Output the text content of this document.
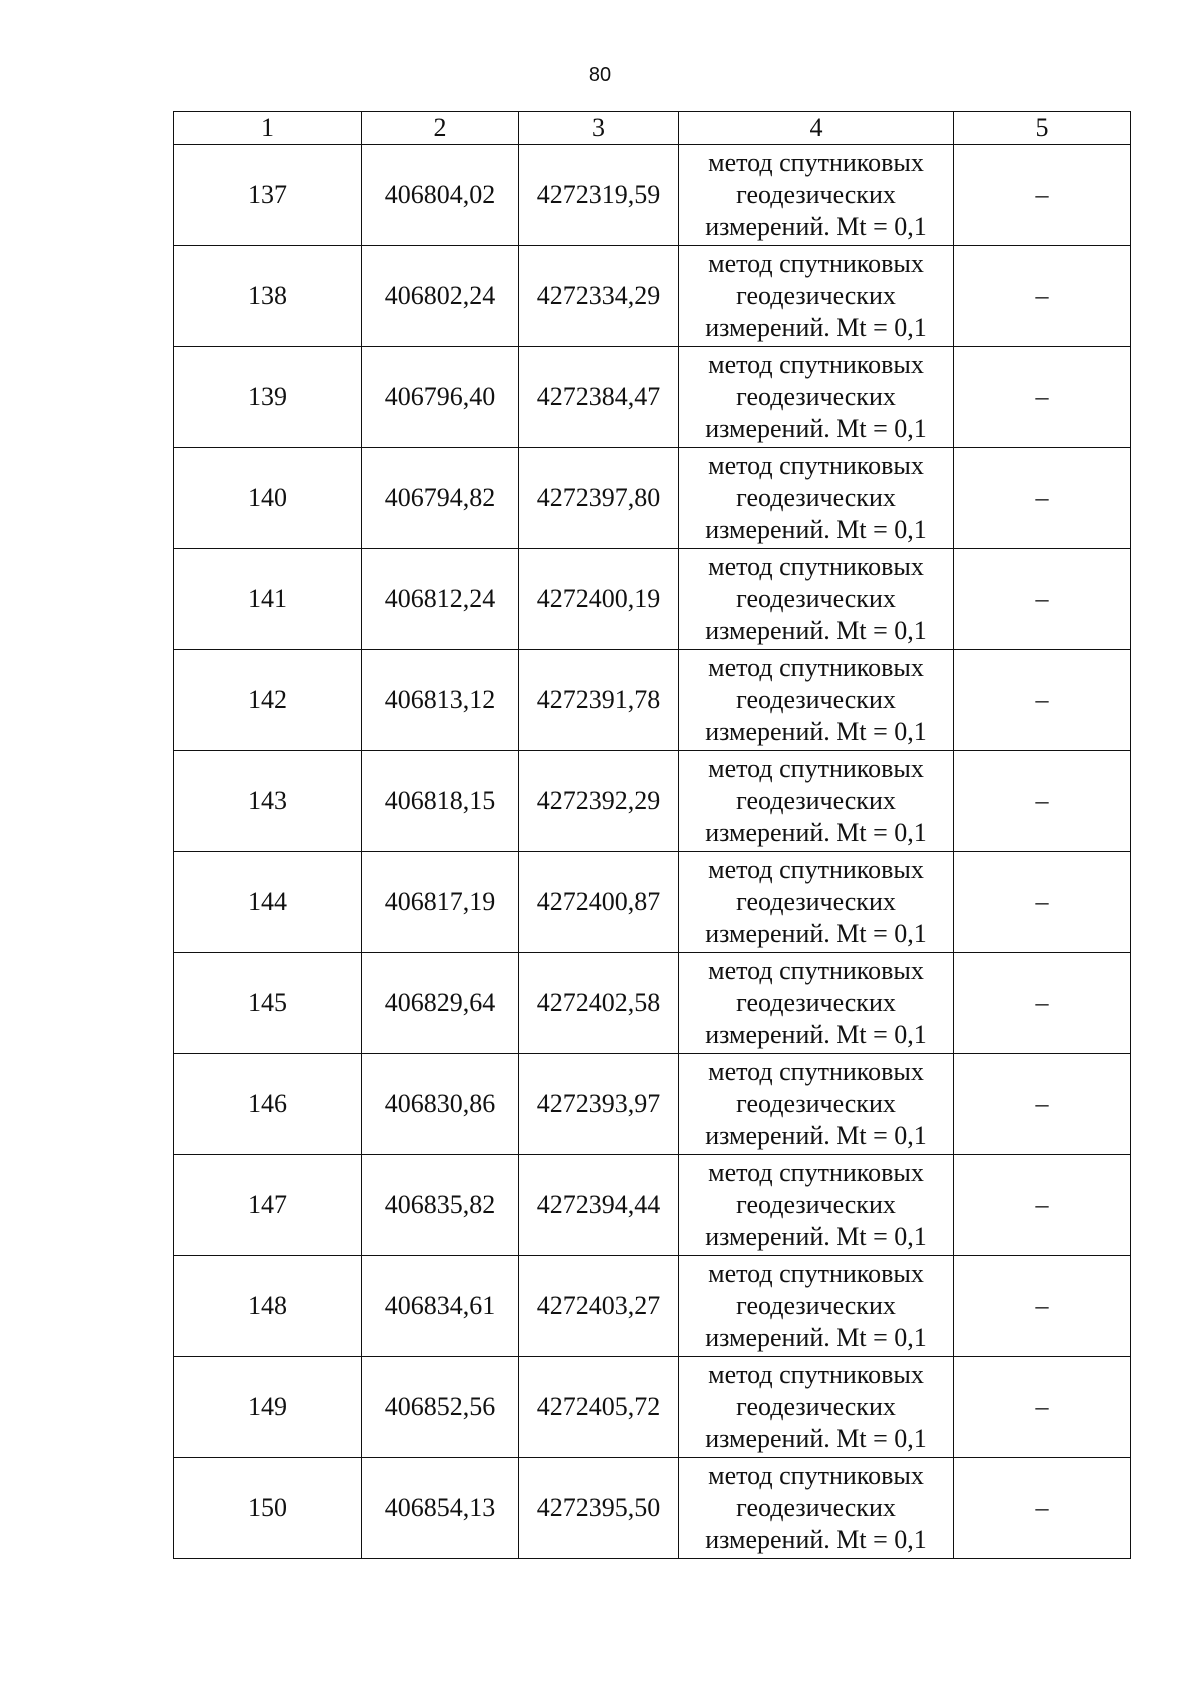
80
1	2	3	4	5
137	406804,02	4272319,59	метод спутниковых
геодезических
измерений. Mt = 0,1	–
138	406802,24	4272334,29	метод спутниковых
геодезических
измерений. Mt = 0,1	–
139	406796,40	4272384,47	метод спутниковых
геодезических
измерений. Mt = 0,1	–
140	406794,82	4272397,80	метод спутниковых
геодезических
измерений. Mt = 0,1	–
141	406812,24	4272400,19	метод спутниковых
геодезических
измерений. Mt = 0,1	–
142	406813,12	4272391,78	метод спутниковых
геодезических
измерений. Mt = 0,1	–
143	406818,15	4272392,29	метод спутниковых
геодезических
измерений. Mt = 0,1	–
144	406817,19	4272400,87	метод спутниковых
геодезических
измерений. Mt = 0,1	–
145	406829,64	4272402,58	метод спутниковых
геодезических
измерений. Mt = 0,1	–
146	406830,86	4272393,97	метод спутниковых
геодезических
измерений. Mt = 0,1	–
147	406835,82	4272394,44	метод спутниковых
геодезических
измерений. Mt = 0,1	–
148	406834,61	4272403,27	метод спутниковых
геодезических
измерений. Mt = 0,1	–
149	406852,56	4272405,72	метод спутниковых
геодезических
измерений. Mt = 0,1	–
150	406854,13	4272395,50	метод спутниковых
геодезических
измерений. Mt = 0,1	–
